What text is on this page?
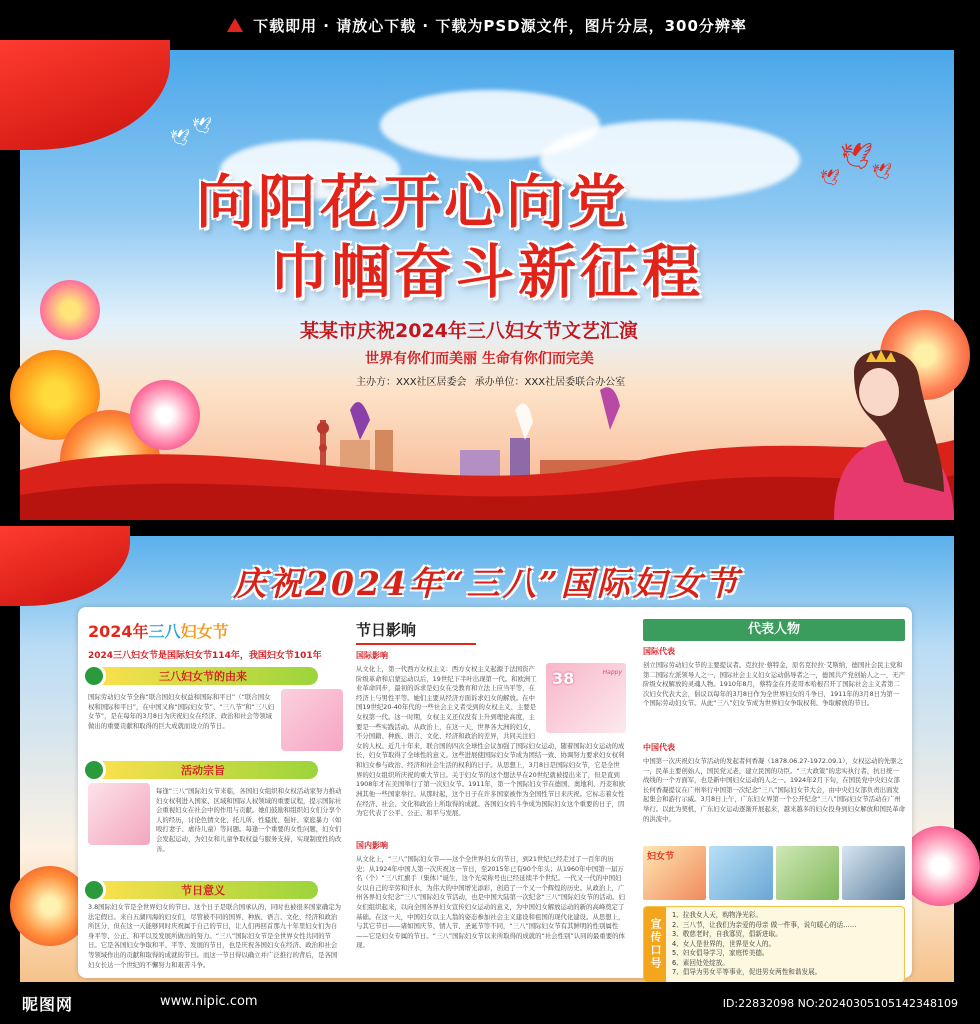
下载即用 · 请放心下载 · 下载为PSD源文件，图片分层，300分辨率
🕊
🕊
🕊
🕊
🕊
向阳花开心向党
巾帼奋斗新征程
某某市庆祝2024年三八妇女节文艺汇演
世界有你们而美丽 生命有你们而完美
主办方：XXX社区居委会 承办单位：XXX社居委联合办公室
庆祝2024年“三八”国际妇女节
2024年三八妇女节
2024三八妇女节是国际妇女节114年，我国妇女节101年
三八妇女节的由来
国际劳动妇女节全称“联合国妇女权益和国际和平日”（“联合国女权和国际和平日”，在中国又称“国际妇女节”、“三八节”和“三八妇女节”，是在每年的3月8日为庆祝妇女在经济、政治和社会等领域做出的重要贡献和取得的巨大成就而设立的节日。
活动宗旨
每逢“三八”国际妇女节来临，各国妇女组织和女权活动家努力推动妇女权利进入国家、区域和国际人权领域的重要议程，提示国际社会重视妇女在社会中的作用与贡献。她们鼓励和组织妇女们分享个人的经历，讨论色情文化、托儿所、性骚扰、强奸、家庭暴力（如殴打妻子、虐待儿童）等问题。每逢一个重要的女性问题，妇女们会发起运动，为妇女和儿童争取权益与服务支持，实现制度性的改善。
节日意义
3.8国际妇女节是全世界妇女的节日。这个日子是联合国承认的，同时也被很多国家确定为法定假日。来自五湖四海的妇女们，尽管被不同的国界、种族、语言、文化、经济和政治所区分，但在这一天能够同时庆祝属于自己的节日，让人们再回首那九十年里妇女们为自身平等、公正、和平以及发展所做出的努力。“三八”国际妇女节是全世界女性共同的节日。它是各国妇女争取和平、平等、发展的节日，也是庆祝各国妇女在经济、政治和社会等领域作出的贡献和取得的成就的节日。而这一节日得以确立并广泛推行的背后，是各国妇女长达一个世纪的不懈努力和艰苦斗争。
节日影响
国际影响
38	Happy
从文化上，第一代西方女权主义：西方女权主义起源于法国资产阶级革命和启蒙运动以后，19世纪下半叶出现第一代。和欧洲工业革命同步，最初的诉求是妇女在受教育和立法上应当平等，在经济上与男性平等。她们主要从经济方面诉求妇女的解放。在中国19世纪20-40年代的一些社会主义者受到的女权主义、主要是女权第一代。这一时期，女权主义还仅没有上升到理论高度，主要是一些实践活动。从政治上，在这一天，世界各大洲的妇女，不分国籍、种族、语言、文化、经济和政治的差异，共同关注妇女的人权。近几十年来，联合国的四次全球性会议加强了国际妇女运动，随着国际妇女运动的成长，妇女节取得了全球性的意义。这些进展使国际妇女节成为团结一致、协调努力要求妇女权利和妇女参与政治、经济和社会生活的权利的日子。从思想上，3月8日是国际妇女节，它是全世界的妇女组织所庆祝的重大节日。关于妇女节的这个想法早在20世纪就被提出来了，但是直到1908年才在美国举行了第一次妇女节。1911年，第一个国际妇女节在德国、奥地利、丹麦和欧洲其他一些国家举行。从那时起，这个日子在许多国家被作为全国性节日来庆祝。它标志着女性在经济、社会、文化和政治上所取得的成就。各国妇女的斗争成为国际妇女这个重要的日子，因为它代表了公平、公正、和平与发展。
国内影响
从文化上，“三八”国际妇女节——这个全世界妇女的节日，到21世纪已经走过了一百年的历史；从1924年中国人第一次庆祝这一节日，至2015年已有90个年头；从1960年中国第一届万名（个）“三八红旗手（集体）”诞生，这个光荣称号也已经延续半个世纪。一代又一代的中国妇女以自己的辛劳和汗水，为伟大的中国增光添彩，创造了一个又一个辉煌的历史。从政治上，广州各界妇女纪念“三八”国际妇女节活动，也是中国大陆第一次纪念“三八”国际妇女节的活动。妇女们组织起来，以向全国各界妇女宣传妇女运动的意义，为中国妇女解放运动的新的高峰奠定了基础。在这一天，中国妇女以主人翁的姿态参加社会主义建设和祖国的现代化建设。从思想上，与其它节日——诸如国庆节、情人节、圣诞节等不同，“三八”国际妇女节有其鲜明的性别属性——它是妇女专属的节日。“三八”国际妇女节以来所取得的成就的“社会性别”认同的最重要的体现。
代表人物
国际代表
创立国际劳动妇女节的主要提议者。克拉拉·蔡特金，原名克拉拉·艾斯纳，德国社会民主党和第二国际左派领导人之一，国际社会主义妇女运动倡导者之一，德国共产党创始人之一，无产阶级女权解放的灵魂人物。1910年8月，蔡特金在丹麦哥本哈根召开了国际社会主义者第二次妇女代表大会，倡议以每年的3月8日作为全世界妇女的斗争日，1911年的3月8日为第一个国际劳动妇女节。从此“三八”妇女节成为世界妇女争取权利、争取解放的节日。
中国代表
中国第一次庆祝妇女节活动的发起者何香凝（1878.06.27-1972.09.1），女权运动的先驱之一，民革主要创始人，国民党元老，建立民国的功臣。“三大政策”的忠实执行者，抗日统一战线的一个方面军，也是新中国妇女运动的人之一。1924年2月下旬，在国民党中央妇女部长何香凝提议在广州举行中国第一次纪念“三八”国际妇女节大会，由中央妇女部负责出面发起集会和游行示威。3月8日上午，广东妇女界第一个公开纪念“三八”国际妇女节活动在广州举行。以此为契机，广东妇女运动逐渐开展起来，越来越多的妇女投身到妇女解放和国民革命的洪流中。
妇女节
宣传口号
1、拉我女人天，购物净光彩。
2、三八节，让我们为亲爱的母亲 做一件事，说句暖心的话……
3、敬慈老时，自我寡贸，倡新进取。
4、女人是世界的，世界是女人的。
5、妇女倡导学习，家庭传美德。
6、素回处处绽放。
7、倡导为男女平等事业，促进男女两性和谐发展。
昵图网	www.nipic.com	ID:22832098 NO:20240305105142348109
